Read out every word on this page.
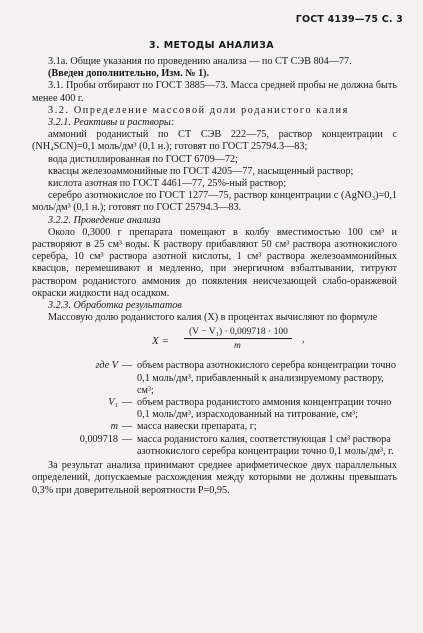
ГОСТ 4139—75 С. 3
3. МЕТОДЫ АНАЛИЗА

3.1а. Общие указания по проведению анализа — по СТ СЭВ 804—77.

(Введен дополнительно, Изм. № 1).

3.1. Пробы отбирают по ГОСТ 3885—73. Масса средней пробы не должна быть менее 400 г.

3.2. Определение массовой доли роданистого калия

3.2.1. Реактивы и растворы:

аммоний роданистый по СТ СЭВ 222—75, раствор концентрации c (NH₄SCN)=0,1 моль/дм³ (0,1 н.); готовят по ГОСТ 25794.3—83;

вода дистиллированная по ГОСТ 6709—72;

квасцы железоаммонийные по ГОСТ 4205—77, насыщенный раствор;

кислота азотная по ГОСТ 4461—77, 25%-ный раствор;

серебро азотнокислое по ГОСТ 1277—75, раствор концентрации c (AgNO₃)=0,1 моль/дм³ (0,1 н.); готовят по ГОСТ 25794.3—83.

3.2.2. Проведение анализа

Около 0,3000 г препарата помещают в колбу вместимостью 100 см³ и растворяют в 25 см³ воды. К раствору прибавляют 50 см³ раствора азотнокислого серебра, 10 см³ раствора азотной кислоты, 1 см³ раствора железоаммонийных квасцов, перемешивают и медленно, при энергичном взбалтывании, титруют раствором роданистого аммония до появления неисчезающей слабо-оранжевой окраски жидкости над осадком.

3.2.3. Обработка результатов

Массовую долю роданистого калия (X) в процентах вычисляют по формуле

X =
(V − V₁) · 0,009718 · 100
m
,
где V — объем раствора азотнокислого серебра концентрации точно 0,1 моль/дм³, прибавленный к анализируемому раствору, см³;
V₁ — объем раствора роданистого аммония концентрации точно 0,1 моль/дм³, израсходованный на титрование, см³;
m — масса навески препарата, г;
0,009718 — масса роданистого калия, соответствующая 1 см³ раствора азотнокислого серебра концентрации точно 0,1 моль/дм³, г.

За результат анализа принимают среднее арифметическое двух параллельных определений, допускаемые расхождения между которыми не должны превышать 0,3% при доверительной вероятности P=0,95.
